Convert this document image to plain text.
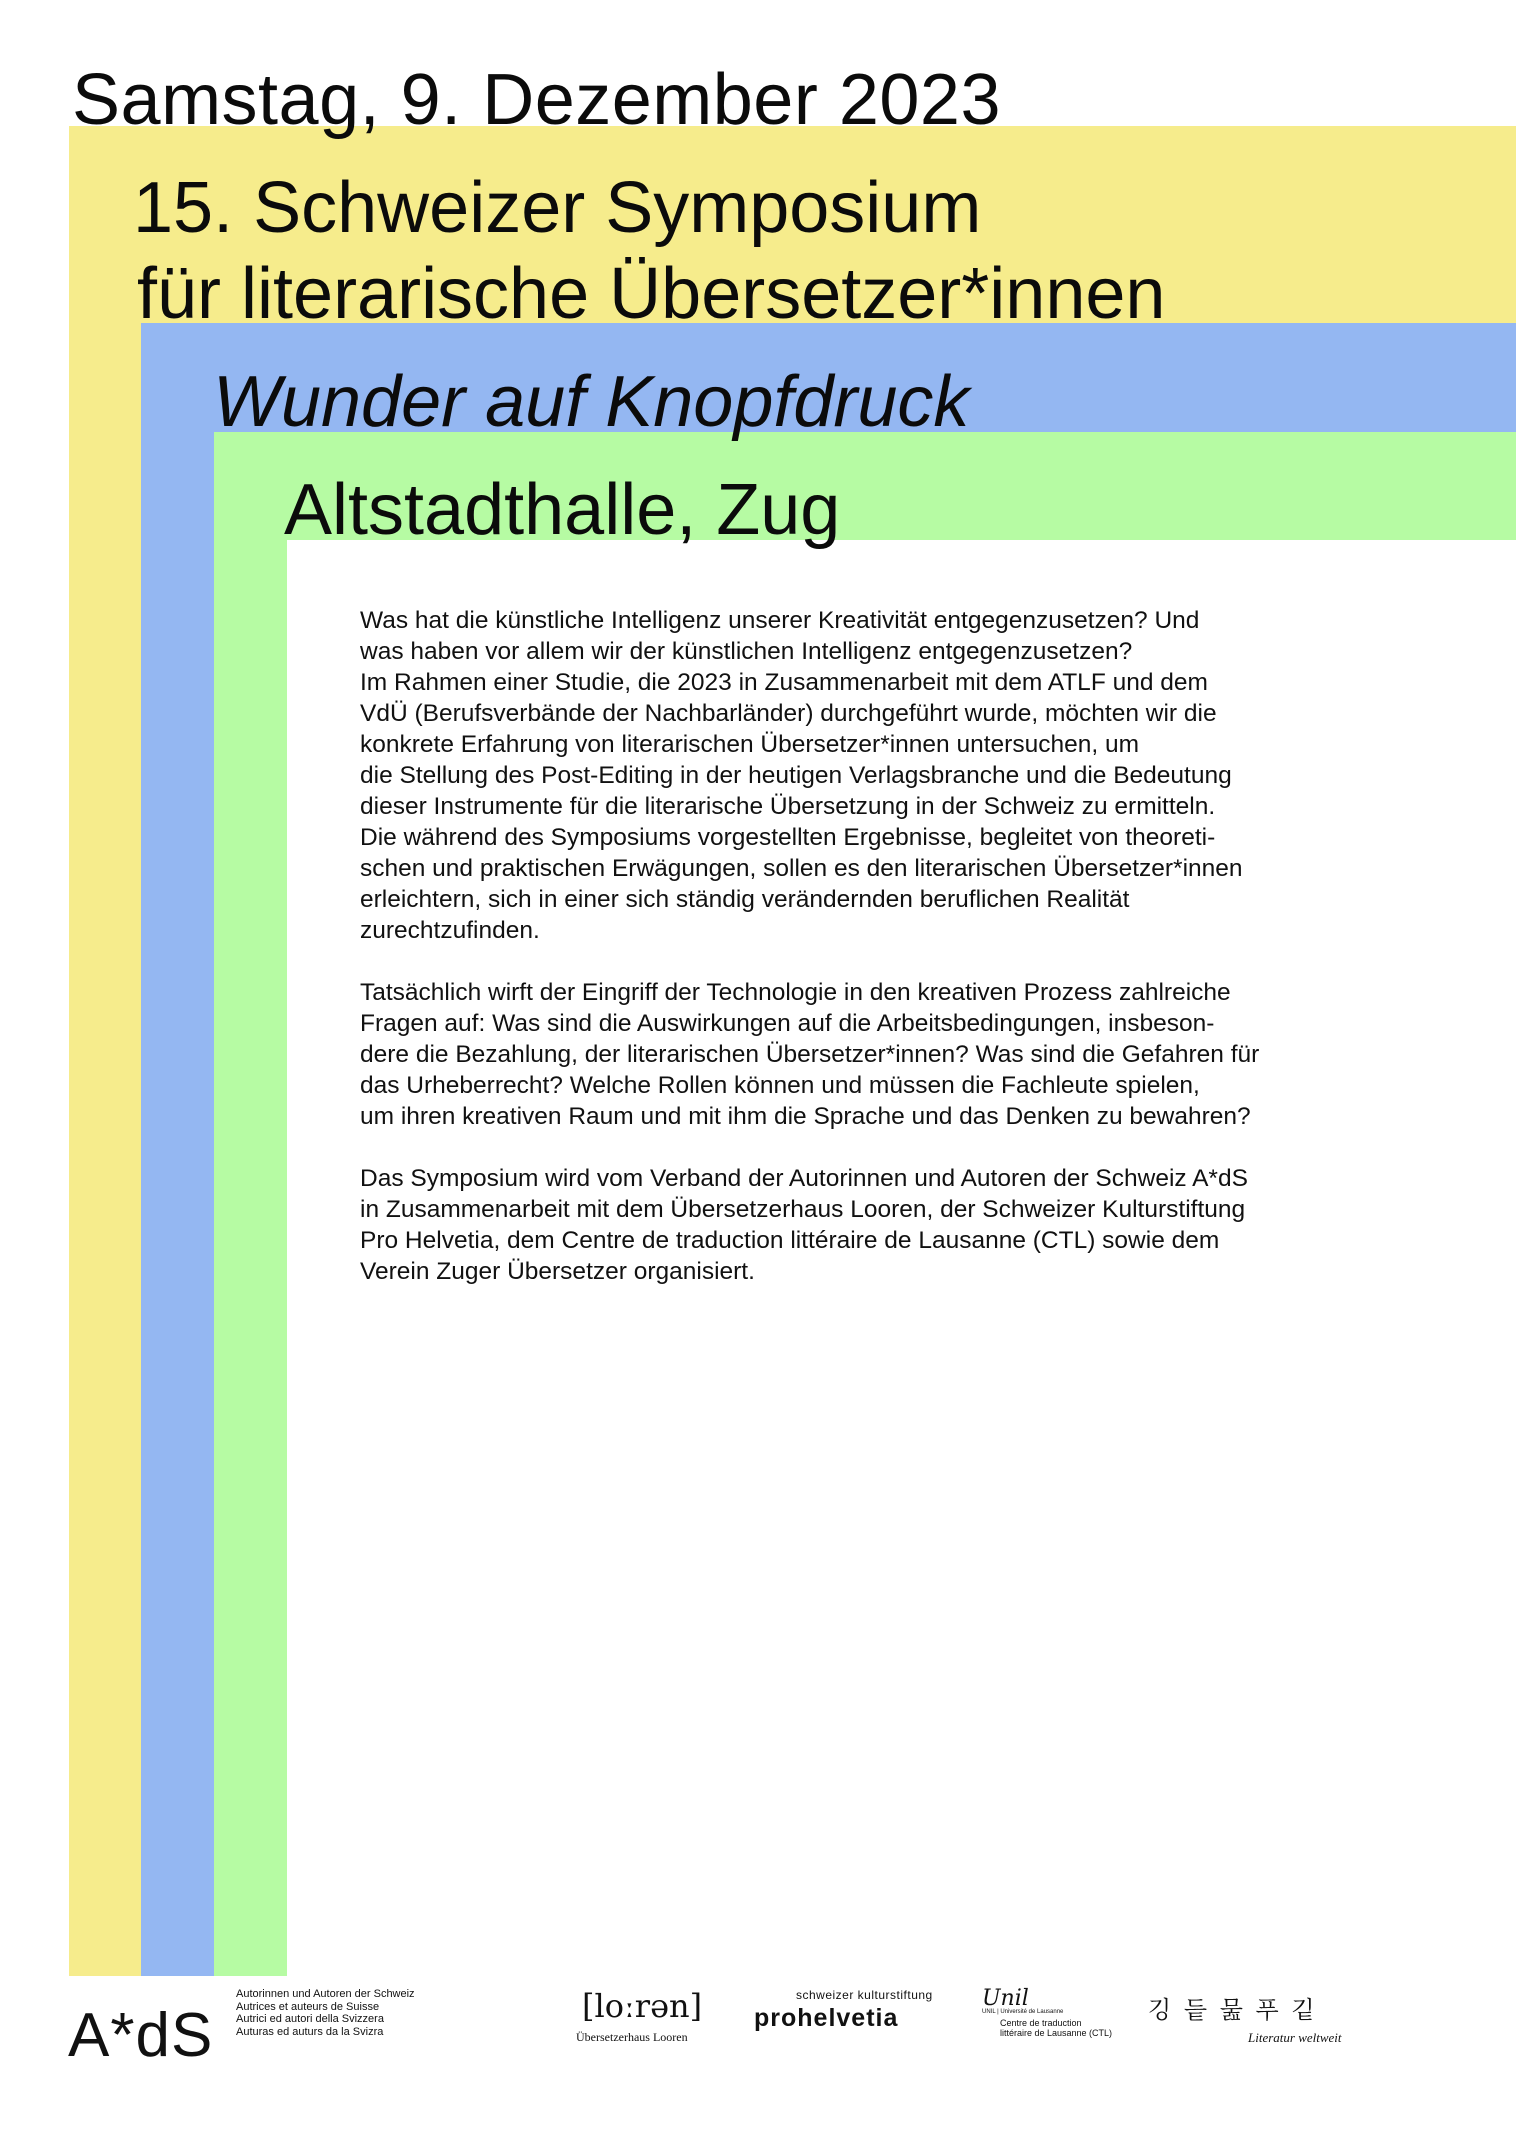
Samstag, 9. Dezember 2023
15. Schweizer Symposium
für literarische Übersetzer*innen
Wunder auf Knopfdruck
Altstadthalle, Zug

Was hat die künstliche Intelligenz unserer Kreativität entgegenzusetzen? Und
was haben vor allem wir der künstlichen Intelligenz entgegenzusetzen?
Im Rahmen einer Studie, die 2023 in Zusammenarbeit mit dem ATLF und dem
VdÜ (Berufsverbände der Nachbarländer) durchgeführt wurde, möchten wir die
konkrete Erfahrung von literarischen Übersetzer*innen untersuchen, um
die Stellung des Post-Editing in der heutigen Verlagsbranche und die Bedeutung
dieser Instrumente für die literarische Übersetzung in der Schweiz zu ermitteln.
Die während des Symposiums vorgestellten Ergebnisse, begleitet von theoreti-
schen und praktischen Erwägungen, sollen es den literarischen Übersetzer*innen
erleichtern, sich in einer sich ständig verändernden beruflichen Realität
zurechtzufinden.

Tatsächlich wirft der Eingriff der Technologie in den kreativen Prozess zahlreiche
Fragen auf: Was sind die Auswirkungen auf die Arbeitsbedingungen, insbeson-
dere die Bezahlung, der literarischen Übersetzer*innen? Was sind die Gefahren für
das Urheberrecht? Welche Rollen können und müssen die Fachleute spielen,
um ihren kreativen Raum und mit ihm die Sprache und das Denken zu bewahren?

Das Symposium wird vom Verband der Autorinnen und Autoren der Schweiz A*dS
in Zusammenarbeit mit dem Übersetzerhaus Looren, der Schweizer Kulturstiftung
Pro Helvetia, dem Centre de traduction littéraire de Lausanne (CTL) sowie dem
Verein Zuger Übersetzer organisiert.

A*dS
Autorinnen und Autoren der Schweiz
Autrices et auteurs de Suisse
Autrici ed autori della Svizzera
Auturas ed auturs da la Svizra
[loːrən]
Übersetzerhaus Looren
schweizer kulturstiftung
prohelvetia
Unil
UNIL | Université de Lausanne
Centre de traduction
littéraire de Lausanne (CTL)
깅 듵 뭂 푸 깉
Literatur weltweit
